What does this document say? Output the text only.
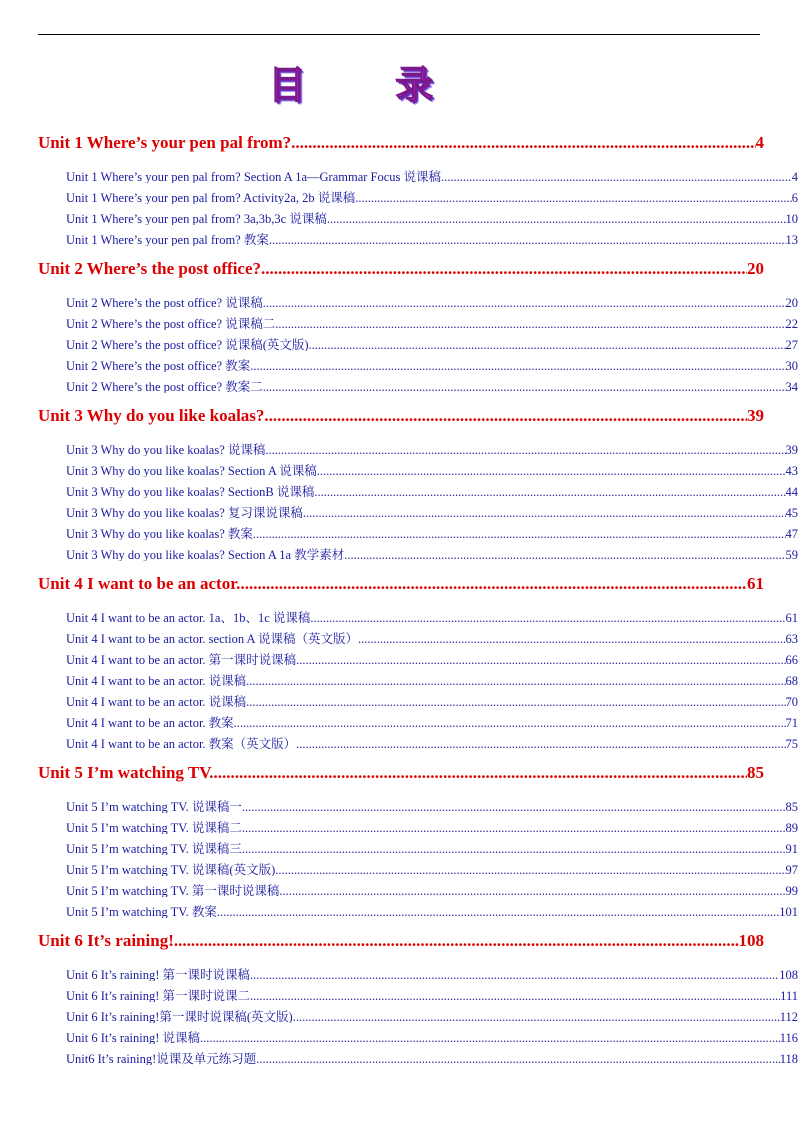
目 录
Unit 1 Where’s your pen pal from? .....	4
Unit 1 Where’s your pen pal from? Section A 1a—Grammar Focus 说课稿 .....	4
Unit 1 Where’s your pen pal from? Activity2a, 2b 说课稿 .....	6
Unit 1 Where’s your pen pal from? 3a,3b,3c 说课稿 .....	10
Unit 1 Where’s your pen pal from? 教案 .....	13
Unit 2 Where’s the post office? .....	20
Unit 2 Where’s the post office? 说课稿 .....	20
Unit 2 Where’s the post office? 说课稿二 .....	22
Unit 2 Where’s the post office? 说课稿(英文版) .....	27
Unit 2 Where’s the post office? 教案 .....	30
Unit 2 Where’s the post office? 教案二 .....	34
Unit 3 Why do you like koalas? .....	39
Unit 3 Why do you like koalas? 说课稿 .....	39
Unit 3 Why do you like koalas? Section A 说课稿 .....	43
Unit 3 Why do you like koalas? SectionB 说课稿 .....	44
Unit 3 Why do you like koalas? 复习课说课稿 .....	45
Unit 3 Why do you like koalas? 教案 .....	47
Unit 3 Why do you like koalas? Section A 1a 教学素材 .....	59
Unit 4 I want to be an actor. .....	61
Unit 4 I want to be an actor. 1a、1b、1c 说课稿 .....	61
Unit 4 I want to be an actor. section A 说课稿（英文版） .....	63
Unit 4 I want to be an actor. 第一课时说课稿 .....	66
Unit 4 I want to be an actor. 说课稿 .....	68
Unit 4 I want to be an actor. 说课稿 .....	70
Unit 4 I want to be an actor. 教案 .....	71
Unit 4 I want to be an actor. 教案（英文版） .....	75
Unit 5 I’m watching TV. .....	85
Unit 5 I’m watching TV. 说课稿一 .....	85
Unit 5 I’m watching TV. 说课稿二 .....	89
Unit 5 I’m watching TV. 说课稿三 .....	91
Unit 5 I’m watching TV. 说课稿(英文版) .....	97
Unit 5 I’m watching TV. 第一课时说课稿 .....	99
Unit 5 I’m watching TV. 教案 .....	101
Unit 6 It’s raining! .....	108
Unit 6 It’s raining! 第一课时说课稿 .....	108
Unit 6 It’s raining! 第一课时说课二 .....	111
Unit 6 It’s raining!第一课时说课稿(英文版) .....	112
Unit 6 It’s raining! 说课稿 .....	116
Unit6 It’s raining!说课及单元练习题 .....	118
